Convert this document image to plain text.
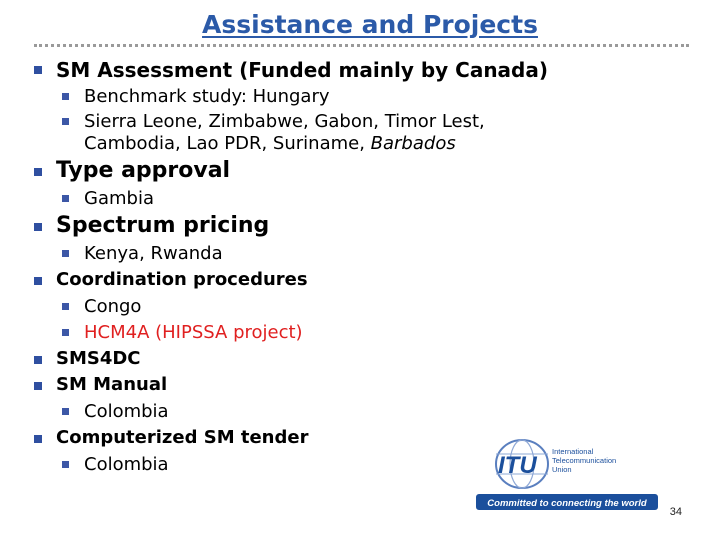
Assistance and Projects
SM Assessment (Funded mainly by Canada)
Benchmark study: Hungary
Sierra Leone, Zimbabwe, Gabon, Timor Lest,
Cambodia, Lao PDR, Suriname, Barbados
Type approval
Gambia
Spectrum pricing
Kenya, Rwanda
Coordination procedures
Congo
HCM4A (HIPSSA project)
SMS4DC
SM Manual
Colombia
Computerized SM tender
Colombia	ITU
International
Telecommunication
Union
Committed to connecting the world
34
